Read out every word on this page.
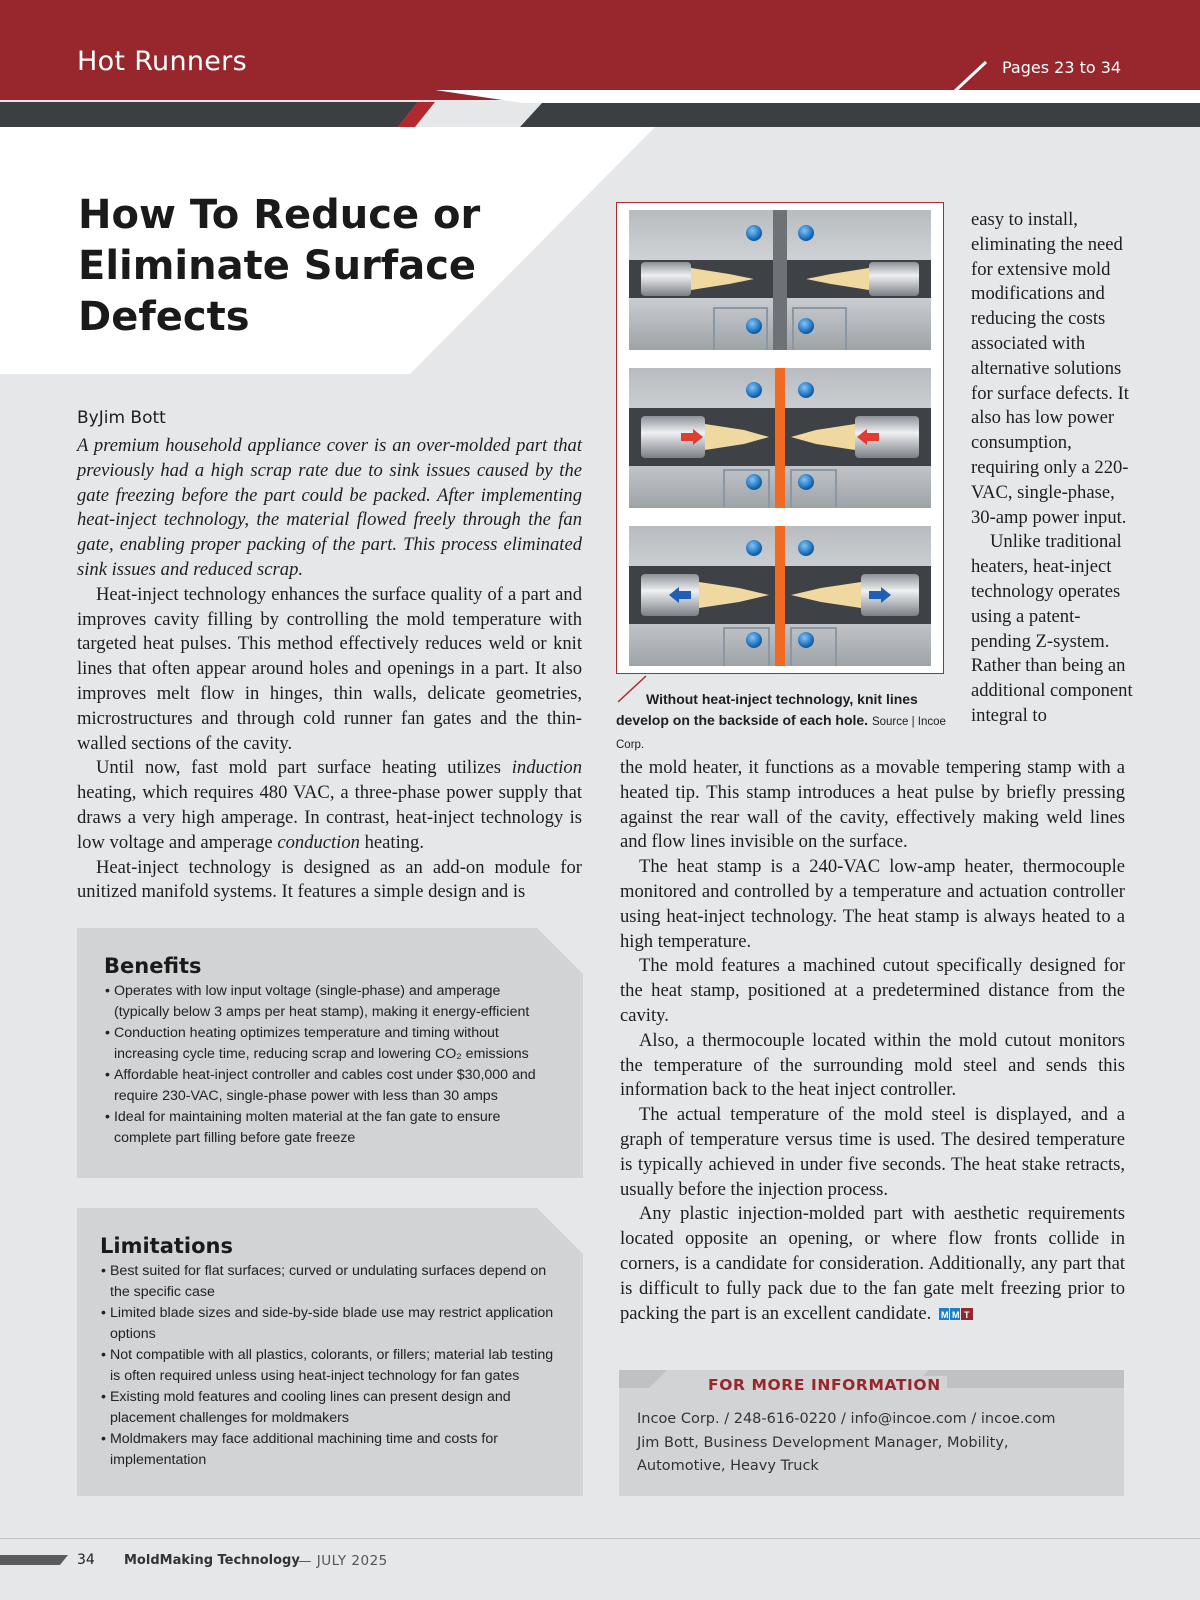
Hot Runners	Pages 23 to 34
How To Reduce or
Eliminate Surface
Defects
ByJim Bott

A premium household appliance cover is an over-molded part that previously had a high scrap rate due to sink issues caused by the gate freezing before the part could be packed. After implementing heat-inject technology, the material flowed freely through the fan gate, enabling proper packing of the part. This process eliminated sink issues and reduced scrap.

Heat-inject technology enhances the surface quality of a part and improves cavity filling by controlling the mold temperature with targeted heat pulses. This method effectively reduces weld or knit lines that often appear around holes and openings in a part. It also improves melt flow in hinges, thin walls, delicate geometries, microstructures and through cold runner fan gates and the thin-walled sections of the cavity.

Until now, fast mold part surface heating utilizes induction heating, which requires 480 VAC, a three-phase power supply that draws a very high amperage. In contrast, heat-inject technology is low voltage and amperage conduction heating.

Heat-inject technology is designed as an add-on module for unitized manifold systems. It features a simple design and is

Benefits
• Operates with low input voltage (single-phase) and amperage (typically below 3 amps per heat stamp), making it energy-efficient
• Conduction heating optimizes temperature and timing without increasing cycle time, reducing scrap and lowering CO₂ emissions
• Affordable heat-inject controller and cables cost under $30,000 and require 230-VAC, single-phase power with less than 30 amps
• Ideal for maintaining molten material at the fan gate to ensure complete part filling before gate freeze
Limitations
• Best suited for flat surfaces; curved or undulating surfaces depend on the specific case
• Limited blade sizes and side-by-side blade use may restrict application options
• Not compatible with all plastics, colorants, or fillers; material lab testing is often required unless using heat-inject technology for fan gates
• Existing mold features and cooling lines can present design and placement challenges for moldmakers
• Moldmakers may face additional machining time and costs for implementation
Without heat-inject technology, knit lines develop on the backside of each hole. Source | Incoe Corp.

easy to install, eliminating the need for extensive mold modifications and reducing the costs associated with alternative solutions for surface defects. It also has low power consumption, requiring only a 220-VAC, single-phase, 30-amp power input.

Unlike traditional heaters, heat-inject technology operates using a patent-pending Z-system. Rather than being an additional component integral to

the mold heater, it functions as a movable tempering stamp with a heated tip. This stamp introduces a heat pulse by briefly pressing against the rear wall of the cavity, effectively making weld lines and flow lines invisible on the surface.

The heat stamp is a 240-VAC low-amp heater, thermocouple monitored and controlled by a temperature and actuation controller using heat-inject technology. The heat stamp is always heated to a high temperature.

The mold features a machined cutout specifically designed for the heat stamp, positioned at a predetermined distance from the cavity.

Also, a thermocouple located within the mold cutout monitors the temperature of the surrounding mold steel and sends this information back to the heat inject controller.

The actual temperature of the mold steel is displayed, and a graph of temperature versus time is used. The desired temperature is typically achieved in under five seconds. The heat stake retracts, usually before the injection process.

Any plastic injection-molded part with aesthetic requirements located opposite an opening, or where flow fronts collide in corners, is a candidate for consideration. Additionally, any part that is difficult to fully pack due to the fan gate melt freezing prior to packing the part is an excellent candidate. M M T

FOR MORE INFORMATION
Incoe Corp. / 248-616-0220 / info@incoe.com / incoe.com
Jim Bott, Business Development Manager, Mobility,
Automotive, Heavy Truck
34 MoldMaking Technology
— JULY 2025
